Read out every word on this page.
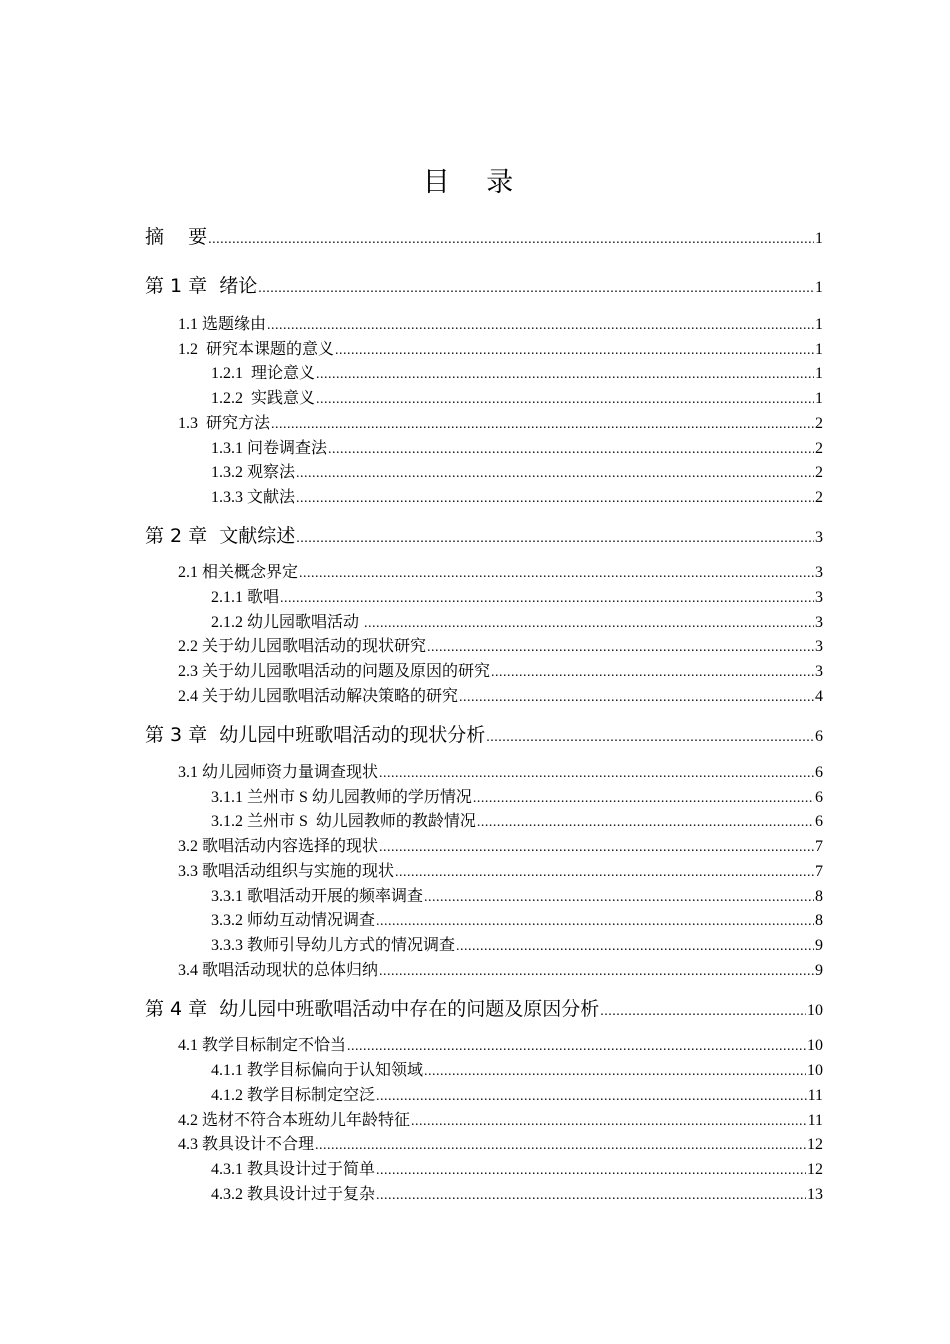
目 录
摘    要 .....	1
第 1 章  绪论 .....	1
1.1 选题缘由 .....	1
1.2  研究本课题的意义 .....	1
1.2.1  理论意义 .....	1
1.2.2  实践意义 .....	1
1.3  研究方法 .....	2
1.3.1 问卷调查法 .....	2
1.3.2 观察法 .....	2
1.3.3 文献法 .....	2
第 2 章  文献综述 .....	3
2.1 相关概念界定 .....	3
2.1.1 歌唱 .....	3
2.1.2 幼儿园歌唱活动 .....	3
2.2 关于幼儿园歌唱活动的现状研究 .....	3
2.3 关于幼儿园歌唱活动的问题及原因的研究 .....	3
2.4 关于幼儿园歌唱活动解决策略的研究 .....	4
第 3 章  幼儿园中班歌唱活动的现状分析 .....	6
3.1 幼儿园师资力量调查现状 .....	6
3.1.1 兰州市 S 幼儿园教师的学历情况 .....	6
3.1.2 兰州市 S  幼儿园教师的教龄情况 .....	6
3.2 歌唱活动内容选择的现状 .....	7
3.3 歌唱活动组织与实施的现状 .....	7
3.3.1 歌唱活动开展的频率调查 .....	8
3.3.2 师幼互动情况调查 .....	8
3.3.3 教师引导幼儿方式的情况调查 .....	9
3.4 歌唱活动现状的总体归纳 .....	9
第 4 章  幼儿园中班歌唱活动中存在的问题及原因分析 .....	10
4.1 教学目标制定不恰当 .....	10
4.1.1 教学目标偏向于认知领域 .....	10
4.1.2 教学目标制定空泛 .....	11
4.2 选材不符合本班幼儿年龄特征 .....	11
4.3 教具设计不合理 .....	12
4.3.1 教具设计过于简单 .....	12
4.3.2 教具设计过于复杂 .....	13
